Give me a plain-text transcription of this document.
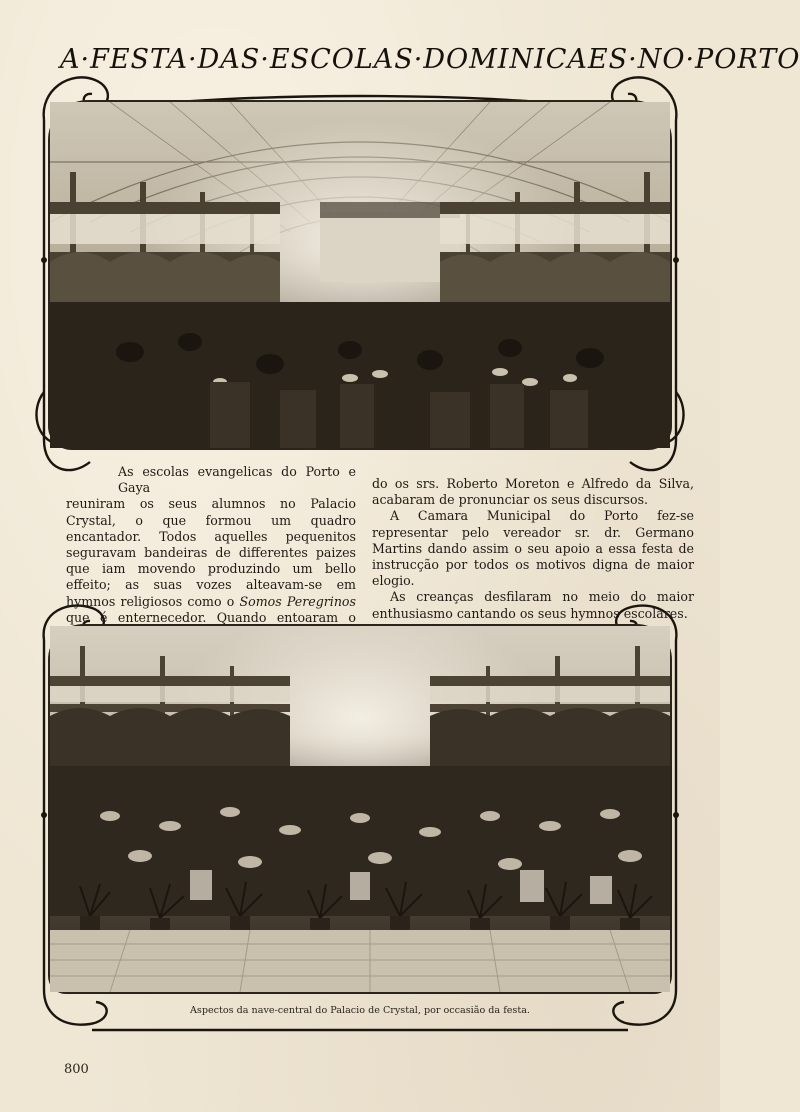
A·FESTA·DAS·ESCOLAS·DOMINICAES·NO·PORTO

As escolas evangelicas do Porto e Gaya
reuniram os seus alumnos no Palacio Crystal, o que formou um quadro encantador. Todos aquelles pequenitos seguravam bandeiras de differentes paizes que iam movendo produzindo um bello effeito; as suas vozes alteavam-se em hymnos religiosos como o Somos Peregrinos que é enternecedor. Quando entoaram o

do os srs. Roberto Moreton e Alfredo da Silva, acabaram de pronunciar os seus discursos.

A Camara Municipal do Porto fez-se representar pelo vereador sr. dr. Germano Martins dando assim o seu apoio a essa festa de instrucção por todos os motivos digna de maior elogio.

As creanças desfilaram no meio do maior enthusiasmo cantando os seus hymnos escolares.

Aspectos da nave-central do Palacio de Crystal, por occasião da festa.
800
